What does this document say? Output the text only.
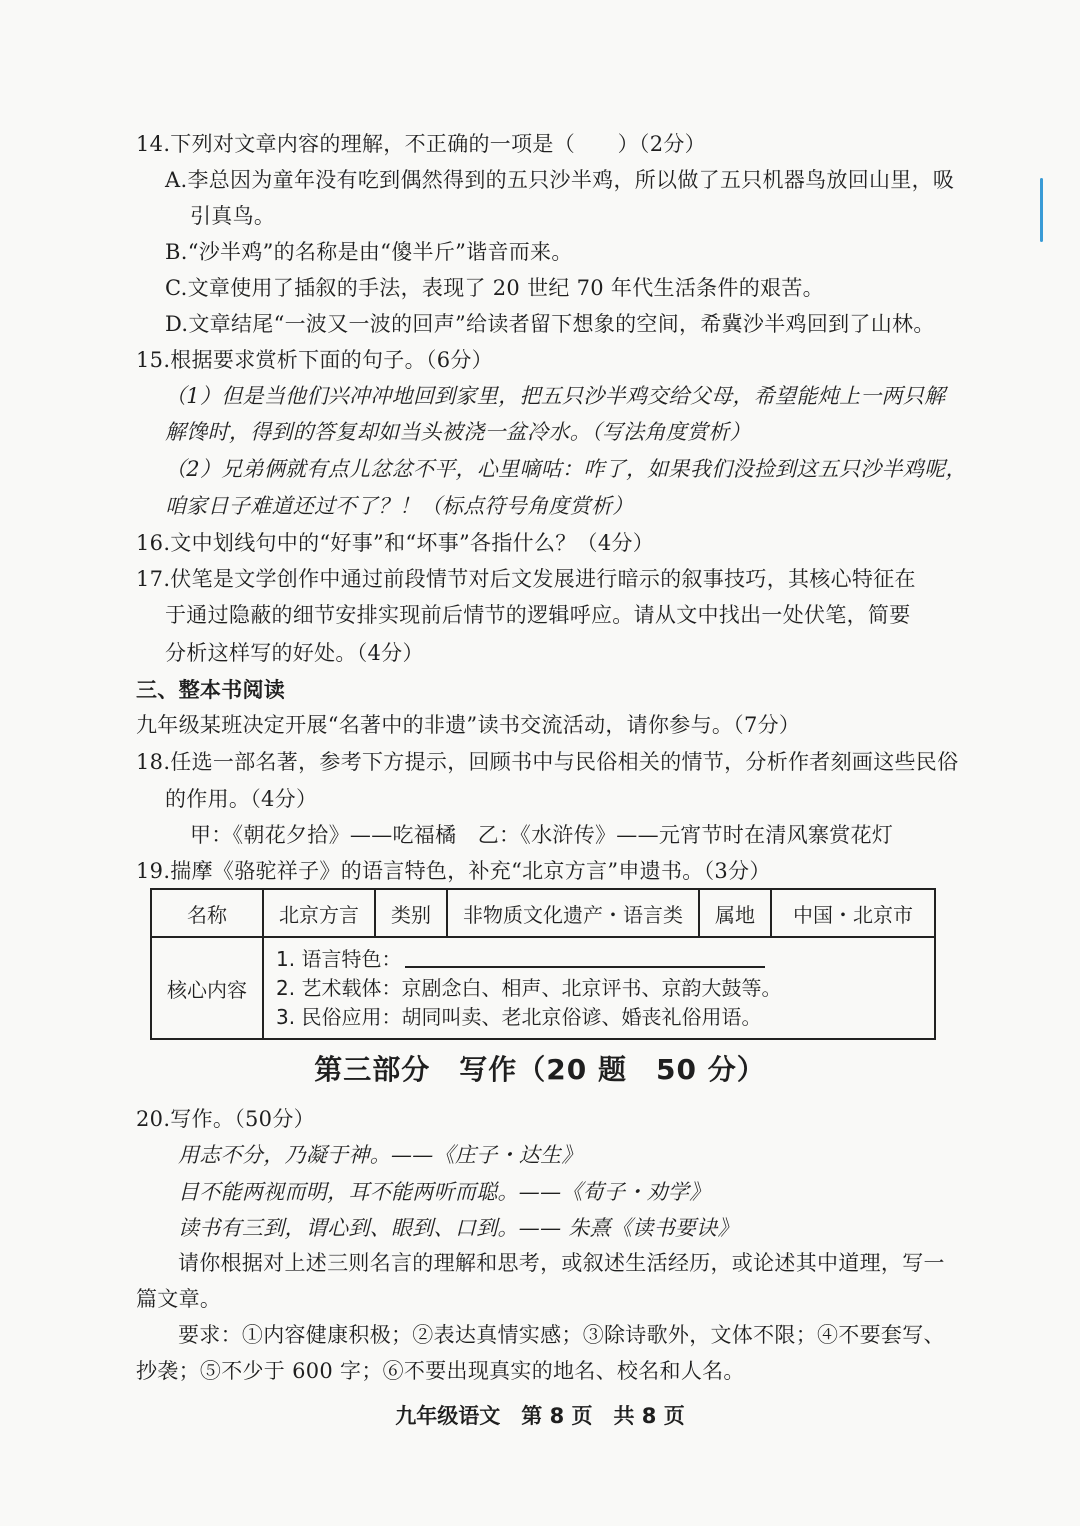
14.下列对文章内容的理解，不正确的一项是（　　）（2分）
A.李总因为童年没有吃到偶然得到的五只沙半鸡，所以做了五只机器鸟放回山里，吸
引真鸟。
B.“沙半鸡”的名称是由“傻半斤”谐音而来。
C.文章使用了插叙的手法，表现了 20 世纪 70 年代生活条件的艰苦。
D.文章结尾“一波又一波的回声”给读者留下想象的空间，希冀沙半鸡回到了山林。
15.根据要求赏析下面的句子。（6分）
（1）但是当他们兴冲冲地回到家里，把五只沙半鸡交给父母，希望能炖上一两只解
解馋时，得到的答复却如当头被浇一盆冷水。（写法角度赏析）
（2）兄弟俩就有点儿忿忿不平，心里嘀咕：咋了，如果我们没捡到这五只沙半鸡呢，
咱家日子难道还过不了？！（标点符号角度赏析）
16.文中划线句中的“好事”和“坏事”各指什么？（4分）
17.伏笔是文学创作中通过前段情节对后文发展进行暗示的叙事技巧，其核心特征在
于通过隐蔽的细节安排实现前后情节的逻辑呼应。请从文中找出一处伏笔，简要
分析这样写的好处。（4分）
三、整本书阅读
九年级某班决定开展“名著中的非遗”读书交流活动，请你参与。（7分）
18.任选一部名著，参考下方提示，回顾书中与民俗相关的情节，分析作者刻画这些民俗
的作用。（4分）
甲：《朝花夕拾》——吃福橘　乙：《水浒传》——元宵节时在清风寨赏花灯
19.揣摩《骆驼祥子》的语言特色，补充“北京方言”申遗书。（3分）
名称	北京方言	类别	非物质文化遗产・语言类	属地	中国・北京市
核心内容	1. 语言特色：
2. 艺术载体：京剧念白、相声、北京评书、京韵大鼓等。
3. 民俗应用：胡同叫卖、老北京俗谚、婚丧礼俗用语。				
第三部分　写作（20 题　50 分）
20.写作。（50分）
用志不分，乃凝于神。——《庄子・达生》
目不能两视而明，耳不能两听而聪。——《荀子・劝学》
读书有三到，谓心到、眼到、口到。—— 朱熹《读书要诀》
请你根据对上述三则名言的理解和思考，或叙述生活经历，或论述其中道理，写一
篇文章。
要求：①内容健康积极；②表达真情实感；③除诗歌外，文体不限；④不要套写、
抄袭；⑤不少于 600 字；⑥不要出现真实的地名、校名和人名。
九年级语文　第 8 页　共 8 页
